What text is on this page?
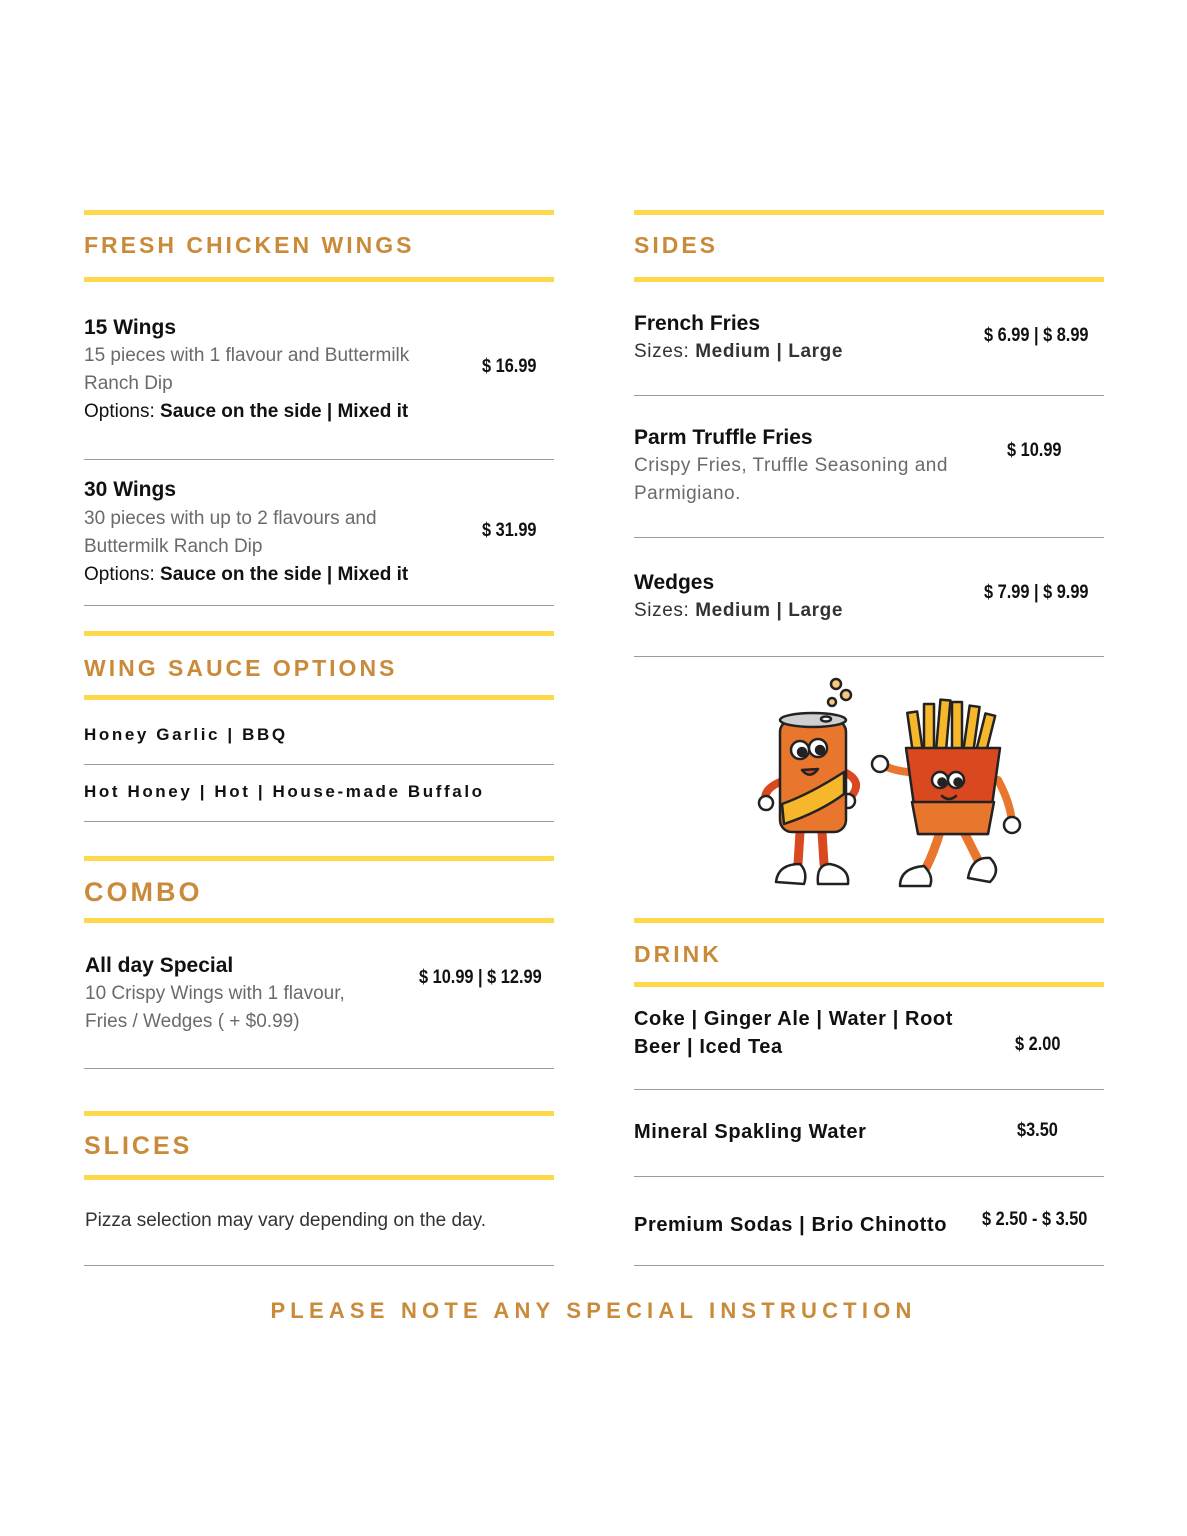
FRESH CHICKEN WINGS
15 Wings
15 pieces with 1 flavour and Buttermilk Ranch Dip
Options: Sauce on the side | Mixed it
$ 16.99
30 Wings
30 pieces with up to 2 flavours and Buttermilk Ranch Dip
Options: Sauce on the side | Mixed it
$ 31.99
WING SAUCE OPTIONS
Honey Garlic | BBQ
Hot Honey | Hot | House-made Buffalo
COMBO
All day Special
10 Crispy Wings with 1 flavour, Fries / Wedges ( + $0.99)
$ 10.99 | $ 12.99
SLICES
Pizza selection may vary depending on the day.
SIDES
French Fries
Sizes: Medium | Large
$ 6.99 | $ 8.99
Parm Truffle Fries
Crispy Fries, Truffle Seasoning and Parmigiano.
$ 10.99
Wedges
Sizes: Medium | Large
$ 7.99 | $ 9.99
DRINK
Coke | Ginger Ale | Water | Root Beer | Iced Tea	$ 2.00
Mineral Spakling Water	$3.50
Premium Sodas | Brio Chinotto $ 2.50 - $ 3.50
PLEASE NOTE ANY SPECIAL INSTRUCTION
